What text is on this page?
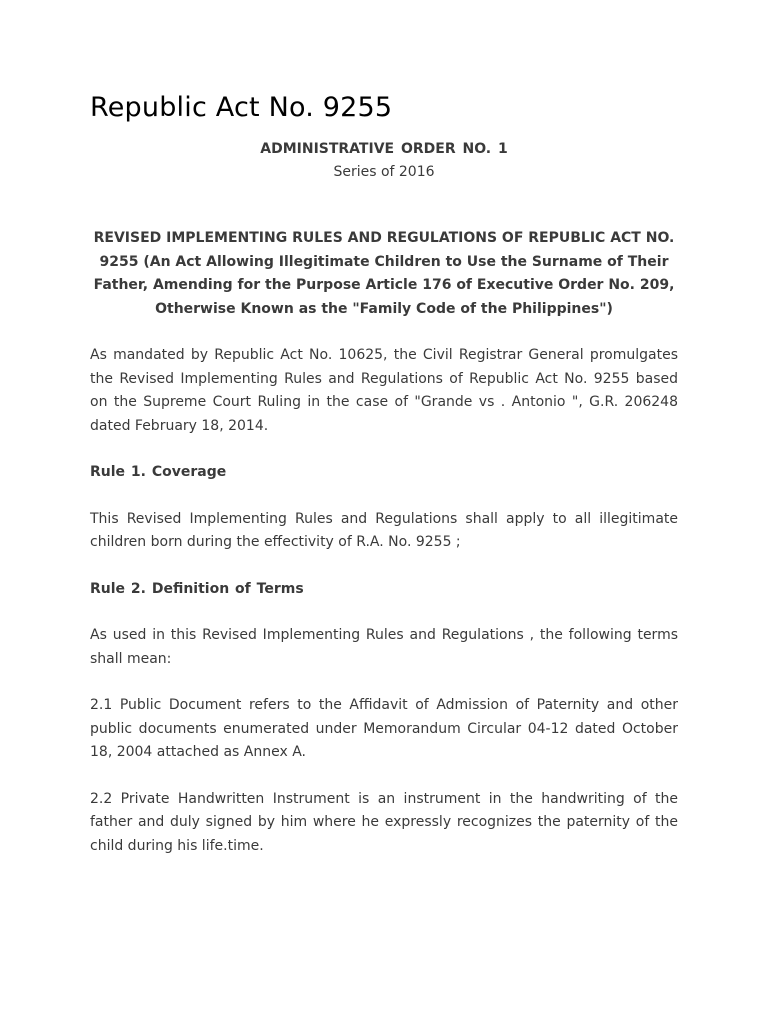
Republic Act No. 9255
ADMINISTRATIVE ORDER NO. 1
Series of 2016
REVISED IMPLEMENTING RULES AND REGULATIONS OF REPUBLIC ACT NO. 9255 (An Act Allowing Illegitimate Children to Use the Surname of Their Father, Amending for the Purpose Article 176 of Executive Order No. 209, Otherwise Known as the "Family Code of the Philippines")

As mandated by Republic Act No. 10625, the Civil Registrar General promulgates the Revised Implementing Rules and Regulations of Republic Act No. 9255 based on the Supreme Court Ruling in the case of "Grande vs . Antonio ", G.R. 206248 dated February 18, 2014.

Rule 1. Coverage

This Revised Implementing Rules and Regulations shall apply to all illegitimate children born during the effectivity of R.A. No. 9255 ;

Rule 2. Definition of Terms

As used in this Revised Implementing Rules and Regulations , the following terms shall mean:

2.1 Public Document refers to the Affidavit of Admission of Paternity and other public documents enumerated under Memorandum Circular 04-12 dated October 18, 2004 attached as Annex A.

2.2 Private Handwritten Instrument is an instrument in the handwriting of the father and duly signed by him where he expressly recognizes the paternity of the child during his life.time.
